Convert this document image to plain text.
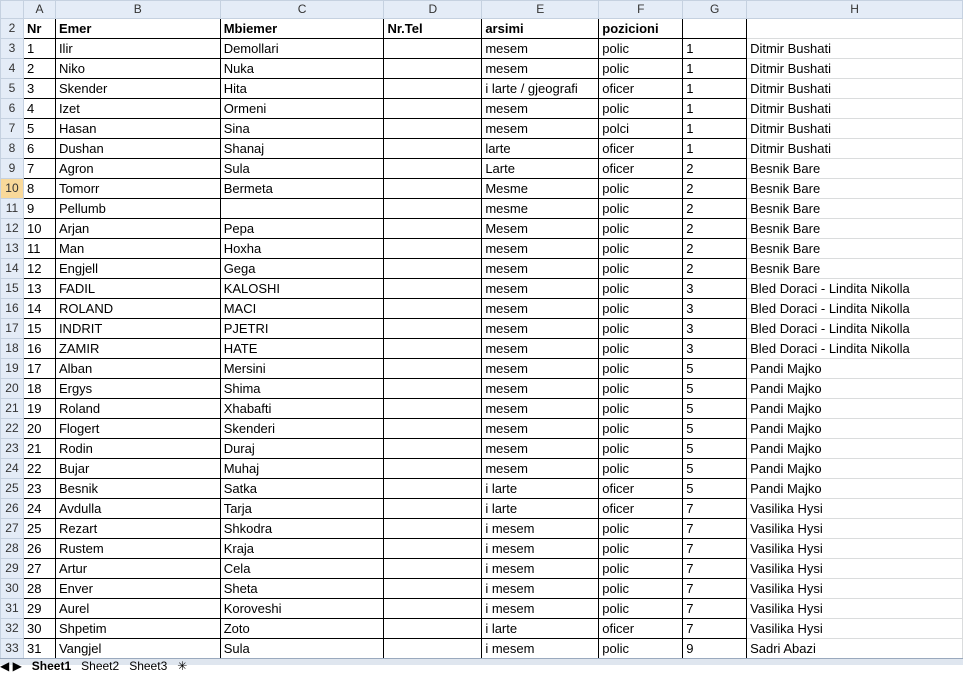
	A	B	C	D	E	F	G	H
2	Nr	Emer	Mbiemer	Nr.Tel	arsimi	pozicioni		
3	1	Ilir	Demollari		mesem	polic	1	Ditmir Bushati
4	2	Niko	Nuka		mesem	polic	1	Ditmir Bushati
5	3	Skender	Hita		i larte / gjeografi	oficer	1	Ditmir Bushati
6	4	Izet	Ormeni		mesem	polic	1	Ditmir Bushati
7	5	Hasan	Sina		mesem	polci	1	Ditmir Bushati
8	6	Dushan	Shanaj		larte	oficer	1	Ditmir Bushati
9	7	Agron	Sula		Larte	oficer	2	Besnik Bare
10	8	Tomorr	Bermeta		Mesme	polic	2	Besnik Bare
11	9	Pellumb			mesme	polic	2	Besnik Bare
12	10	Arjan	Pepa		Mesem	polic	2	Besnik Bare
13	11	Man	Hoxha		mesem	polic	2	Besnik Bare
14	12	Engjell	Gega		mesem	polic	2	Besnik Bare
15	13	FADIL	KALOSHI		mesem	polic	3	Bled Doraci - Lindita Nikolla
16	14	ROLAND	MACI		mesem	polic	3	Bled Doraci - Lindita Nikolla
17	15	INDRIT	PJETRI		mesem	polic	3	Bled Doraci - Lindita Nikolla
18	16	ZAMIR	HATE		mesem	polic	3	Bled Doraci - Lindita Nikolla
19	17	Alban	Mersini		mesem	polic	5	Pandi Majko
20	18	Ergys	Shima		mesem	polic	5	Pandi Majko
21	19	Roland	Xhabafti		mesem	polic	5	Pandi Majko
22	20	Flogert	Skenderi		mesem	polic	5	Pandi Majko
23	21	Rodin	Duraj		mesem	polic	5	Pandi Majko
24	22	Bujar	Muhaj		mesem	polic	5	Pandi Majko
25	23	Besnik	Satka		i larte	oficer	5	Pandi Majko
26	24	Avdulla	Tarja		i larte	oficer	7	Vasilika Hysi
27	25	Rezart	Shkodra		i mesem	polic	7	Vasilika Hysi
28	26	Rustem	Kraja		i mesem	polic	7	Vasilika Hysi
29	27	Artur	Cela		i mesem	polic	7	Vasilika Hysi
30	28	Enver	Sheta		i mesem	polic	7	Vasilika Hysi
31	29	Aurel	Koroveshi		i mesem	polic	7	Vasilika Hysi
32	30	Shpetim	Zoto		i larte	oficer	7	Vasilika Hysi
33	31	Vangjel	Sula		i mesem	polic	9	Sadri Abazi
◀ ▶ Sheet1 Sheet2 Sheet3 ✳
